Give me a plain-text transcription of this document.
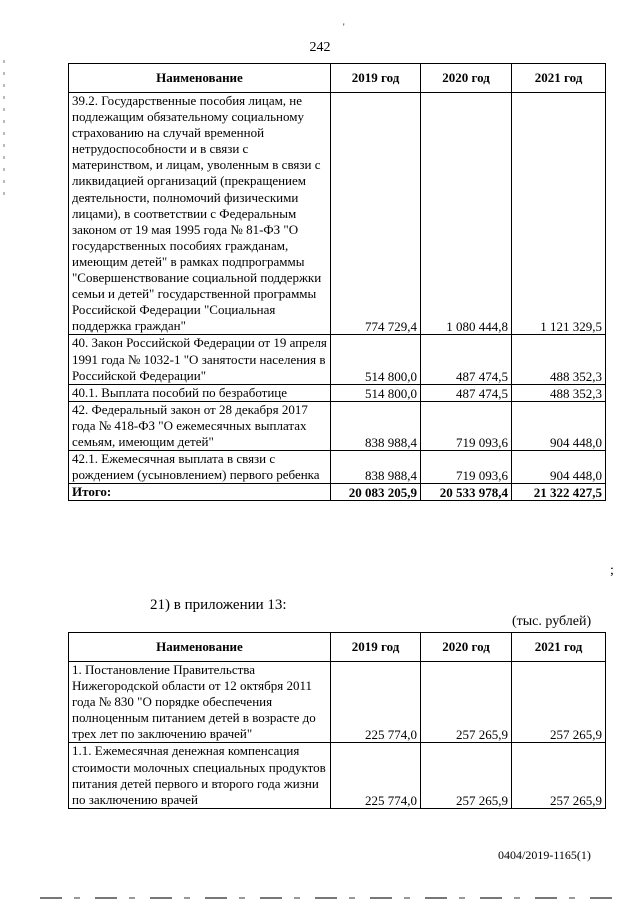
'
242
Наименование	2019 год	2020 год	2021 год
39.2. Государственные пособия лицам, не подлежащим обязательному социальному страхованию на случай временной нетрудоспособности и в связи с материнством, и лицам, уволенным в связи с ликвидацией организаций (прекращением деятельности, полномочий физическими лицами), в соответствии с Федеральным законом от 19 мая 1995 года № 81-ФЗ "О государственных пособиях гражданам, имеющим детей" в рамках подпрограммы "Совершенствование социальной поддержки семьи и детей" государственной программы Российской Федерации "Социальная поддержка граждан"	774 729,4	1 080 444,8	1 121 329,5
40. Закон Российской Федерации от 19 апреля 1991 года № 1032-1 "О занятости населения в Российской Федерации"	514 800,0	487 474,5	488 352,3
40.1. Выплата пособий по безработице	514 800,0	487 474,5	488 352,3
42. Федеральный закон от 28 декабря 2017 года № 418-ФЗ "О ежемесячных выплатах семьям, имеющим детей"	838 988,4	719 093,6	904 448,0
42.1. Ежемесячная выплата в связи с рождением (усыновлением) первого ребенка	838 988,4	719 093,6	904 448,0
Итого:	20 083 205,9	20 533 978,4	21 322 427,5
;
21) в приложении 13:
(тыс. рублей)
Наименование	2019 год	2020 год	2021 год
1. Постановление Правительства Нижегородской области от 12 октября 2011 года № 830 "О порядке обеспечения полноценным питанием детей в возрасте до трех лет по заключению врачей"	225 774,0	257 265,9	257 265,9
1.1. Ежемесячная денежная компенсация стоимости молочных специальных продуктов питания детей первого и второго года жизни по заключению врачей	225 774,0	257 265,9	257 265,9
0404/2019-1165(1)
